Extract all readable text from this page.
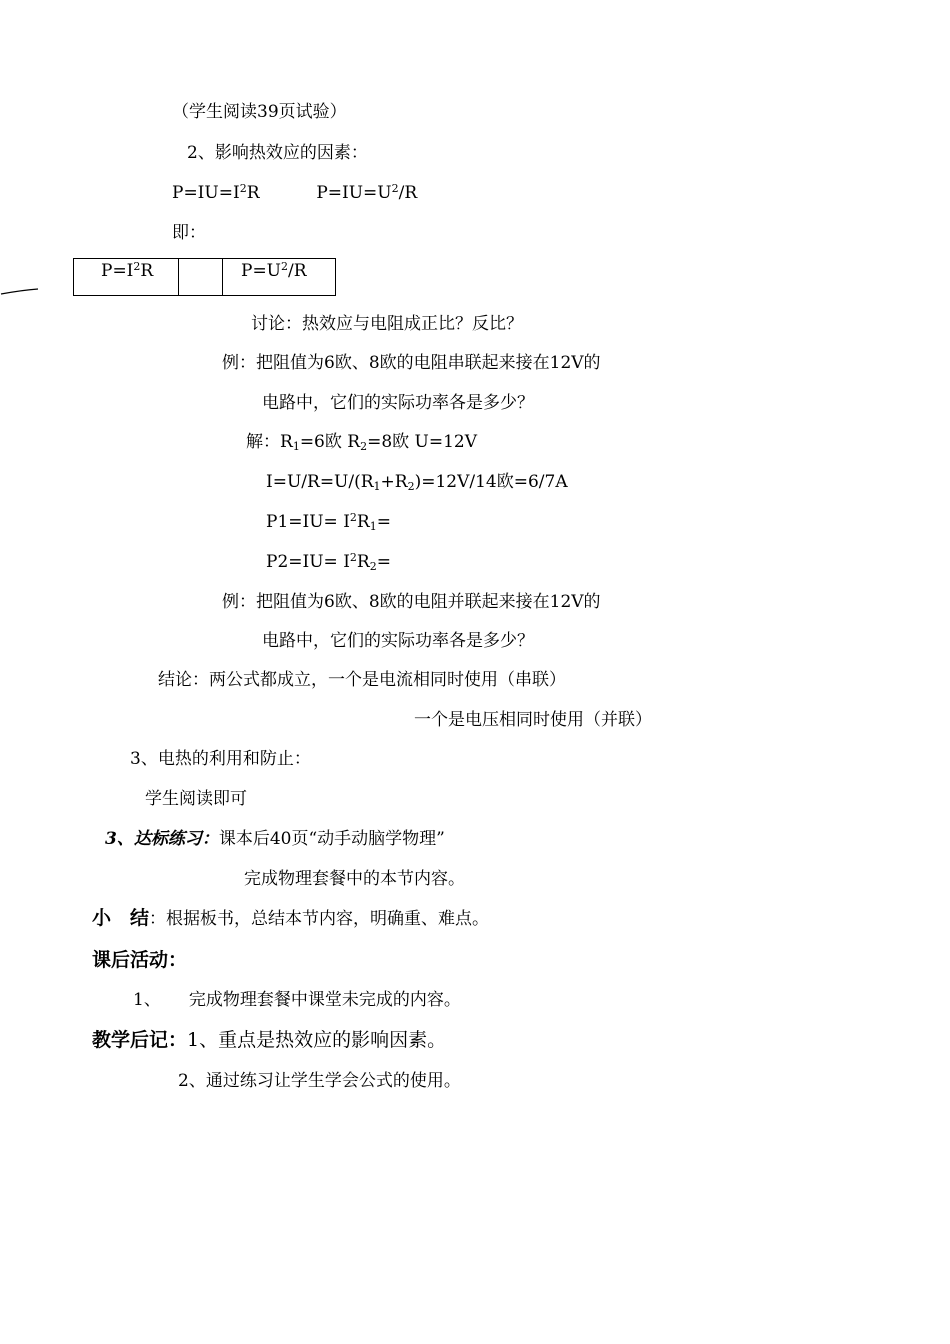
（学生阅读39页试验）
2、影响热效应的因素：
$P=IU=I^2R$	$P=IU=U^2/R$
即：
$P=I^2R$		$P=U^2/R$
讨论：热效应与电阻成正比？反比？
例：把阻值为6欧、8欧的电阻串联起来接在12V的
电路中，它们的实际功率各是多少？
解：$R_1=6$欧 $R_2=8$欧 U=12V
$I=U/R=U/(R_1+R_2)=12V/14$欧=6/7A
$P1=IU= I^2R_1=$
$P2=IU= I^2R_2=$
例：把阻值为6欧、8欧的电阻并联起来接在12V的
电路中，它们的实际功率各是多少？
结论：两公式都成立，一个是电流相同时使用（串联）
一个是电压相同时使用（并联）
3、电热的利用和防止：
学生阅读即可
3、达标练习：课本后40页“动手动脑学物理”
完成物理套餐中的本节内容。
小　结：根据板书，总结本节内容，明确重、难点。
课后活动：
1、 完成物理套餐中课堂未完成的内容。
教学后记：1、重点是热效应的影响因素。
2、通过练习让学生学会公式的使用。
